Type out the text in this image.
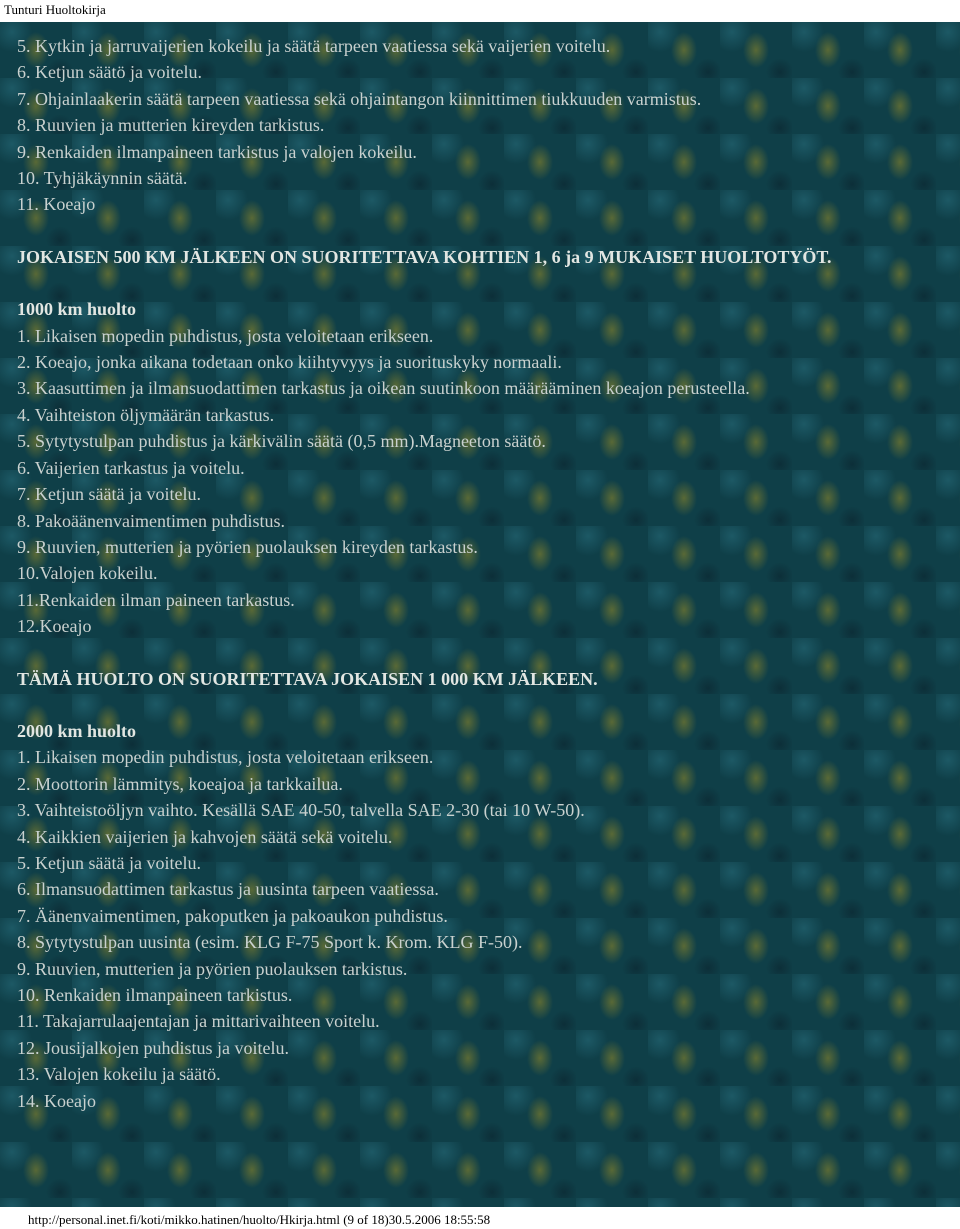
Tunturi Huoltokirja
5. Kytkin ja jarruvaijerien kokeilu ja säätä tarpeen vaatiessa sekä vaijerien voitelu.
6. Ketjun säätö ja voitelu.
7. Ohjainlaakerin säätä tarpeen vaatiessa sekä ohjaintangon kiinnittimen tiukkuuden varmistus.
8. Ruuvien ja mutterien kireyden tarkistus.
9. Renkaiden ilmanpaineen tarkistus ja valojen kokeilu.
10. Tyhjäkäynnin säätä.
11. Koeajo
JOKAISEN 500 KM JÄLKEEN ON SUORITETTAVA KOHTIEN 1, 6 ja 9 MUKAISET HUOLTOTYÖT.
1000 km huolto
1. Likaisen mopedin puhdistus, josta veloitetaan erikseen.
2. Koeajo, jonka aikana todetaan onko kiihtyvyys ja suorituskyky normaali.
3. Kaasuttimen ja ilmansuodattimen tarkastus ja oikean suutinkoon määrääminen koeajon perusteella.
4. Vaihteiston öljymäärän tarkastus.
5. Sytytystulpan puhdistus ja kärkivälin säätä (0,5 mm).Magneeton säätö.
6. Vaijerien tarkastus ja voitelu.
7. Ketjun säätä ja voitelu.
8. Pakoäänenvaimentimen puhdistus.
9. Ruuvien, mutterien ja pyörien puolauksen kireyden tarkastus.
10.Valojen kokeilu.
11.Renkaiden ilman paineen tarkastus.
12.Koeajo
TÄMÄ HUOLTO ON SUORITETTAVA JOKAISEN 1 000 KM JÄLKEEN.
2000 km huolto
1. Likaisen mopedin puhdistus, josta veloitetaan erikseen.
2. Moottorin lämmitys, koeajoa ja tarkkailua.
3. Vaihteistoöljyn vaihto. Kesällä SAE 40-50, talvella SAE 2-30 (tai 10 W-50).
4. Kaikkien vaijerien ja kahvojen säätä sekä voitelu.
5. Ketjun säätä ja voitelu.
6. Ilmansuodattimen tarkastus ja uusinta tarpeen vaatiessa.
7. Äänenvaimentimen, pakoputken ja pakoaukon puhdistus.
8. Sytytystulpan uusinta (esim. KLG F-75 Sport k. Krom. KLG F-50).
9. Ruuvien, mutterien ja pyörien puolauksen tarkistus.
10. Renkaiden ilmanpaineen tarkistus.
11. Takajarrulaajentajan ja mittarivaihteen voitelu.
12. Jousijalkojen puhdistus ja voitelu.
13. Valojen kokeilu ja säätö.
14. Koeajo
http://personal.inet.fi/koti/mikko.hatinen/huolto/Hkirja.html (9 of 18)30.5.2006 18:55:58
